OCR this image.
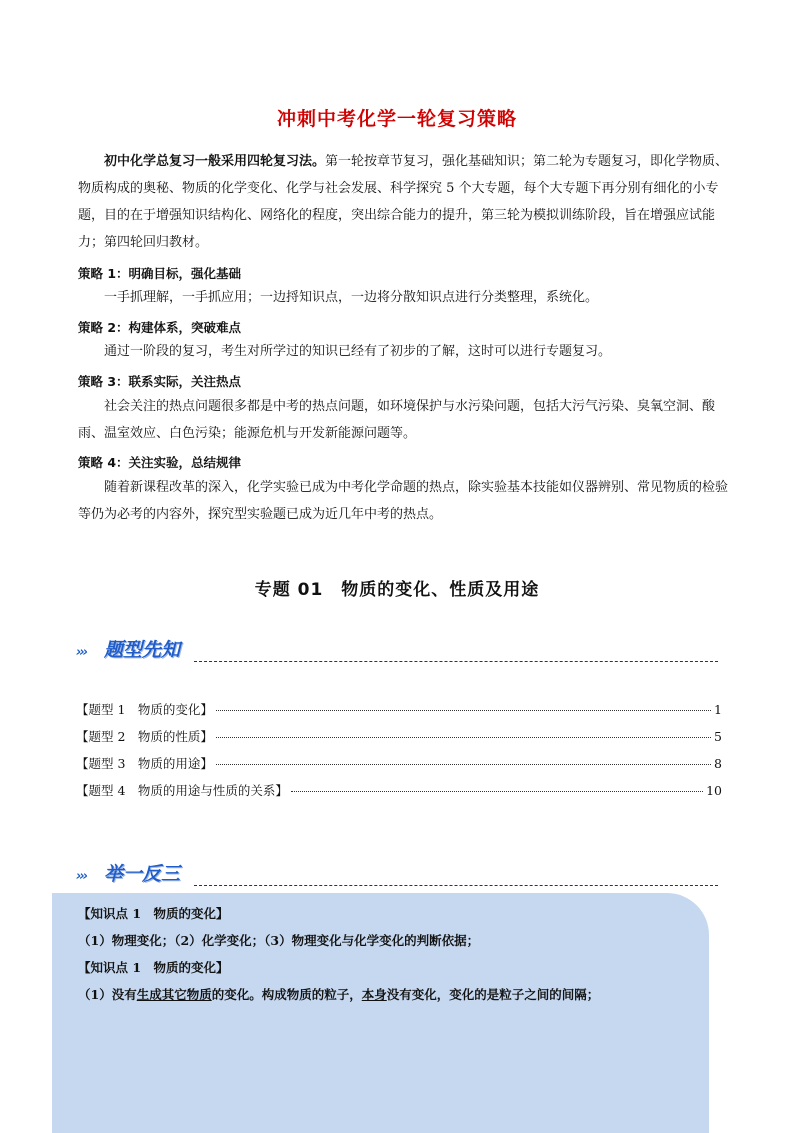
冲刺中考化学一轮复习策略
初中化学总复习一般采用四轮复习法。第一轮按章节复习，强化基础知识；第二轮为专题复习，即化学物质、物质构成的奥秘、物质的化学变化、化学与社会发展、科学探究 5 个大专题，每个大专题下再分别有细化的小专题，目的在于增强知识结构化、网络化的程度，突出综合能力的提升，第三轮为模拟训练阶段，旨在增强应试能力；第四轮回归教材。
策略 1：明确目标，强化基础
一手抓理解，一手抓应用；一边捋知识点，一边将分散知识点进行分类整理，系统化。
策略 2：构建体系，突破难点
通过一阶段的复习，考生对所学过的知识已经有了初步的了解，这时可以进行专题复习。
策略 3：联系实际，关注热点
社会关注的热点问题很多都是中考的热点问题，如环境保护与水污染问题，包括大污气污染、臭氧空洞、酸雨、温室效应、白色污染；能源危机与开发新能源问题等。
策略 4：关注实验，总结规律
随着新课程改革的深入，化学实验已成为中考化学命题的热点，除实验基本技能如仪器辨别、常见物质的检验等仍为必考的内容外，探究型实验题已成为近几年中考的热点。
专题 01　物质的变化、性质及用途
››› 题型先知
【题型 1　物质的变化】	1
【题型 2　物质的性质】	5
【题型 3　物质的用途】	8
【题型 4　物质的用途与性质的关系】	10
››› 举一反三
【知识点 1　物质的变化】
（1）物理变化；（2）化学变化；（3）物理变化与化学变化的判断依据；
【知识点 1　物质的变化】
（1）没有生成其它物质的变化。构成物质的粒子，本身没有变化，变化的是粒子之间的间隔；
